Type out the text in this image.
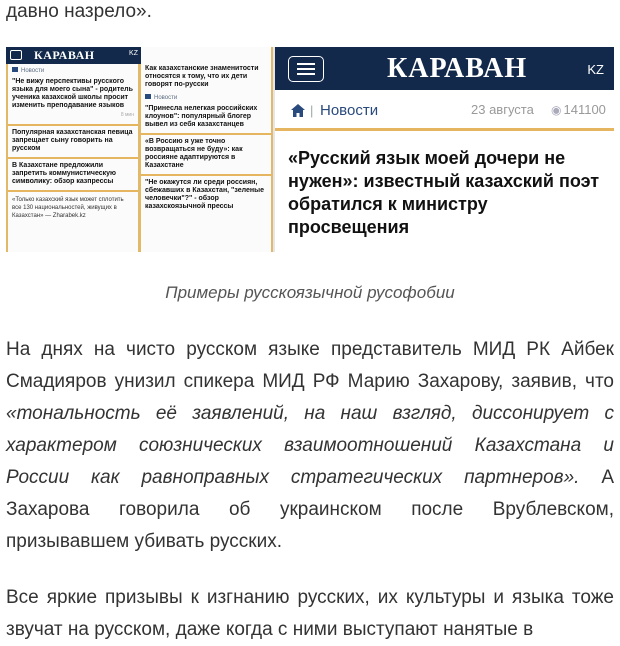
давно назрело».
КАРАВАН	KZ
Новости
"Не вижу перспективы русского языка для моего сына" - родитель ученика казахской школы просит изменить преподавание языков
8 мин
Популярная казахстанская певица запрещает сыну говорить на русском
В Казахстане предложили запретить коммунистическую символику: обзор казпрессы
«Только казахский язык может сплотить все 130 национальностей, живущих в Казахстан» — Zharabek.kz
Как казахстанские знаменитости относятся к тому, что их дети говорят по-русски
Новости
"Принесла нелегкая российских клоунов": популярный блогер вывел из себя казахстанцев
«В Россию я уже точно возвращаться не буду»: как россияне адаптируются в Казахстане
"Не окажутся ли среди россиян, сбежавших в Казахстан, "зеленые человечки"?" - обзор казахскоязычной прессы
КАРАВАН	KZ
| Новости	23 августа ◉ 141100
«Русский язык моей дочери не нужен»: известный казахский поэт обратился к министру просвещения
Примеры русскоязычной русофобии

На днях на чисто русском языке представитель МИД РК Айбек Смадияров унизил спикера МИД РФ Марию Захарову, заявив, что «тональность её заявлений, на наш взгляд, диссонирует с характером союзнических взаимоотношений Казахстана и России как равноправных стратегических партнеров». А Захарова говорила об украинском после Врублевском, призывавшем убивать русских.

Все яркие призывы к изгнанию русских, их культуры и языка тоже звучат на русском, даже когда с ними выступают нанятые в
